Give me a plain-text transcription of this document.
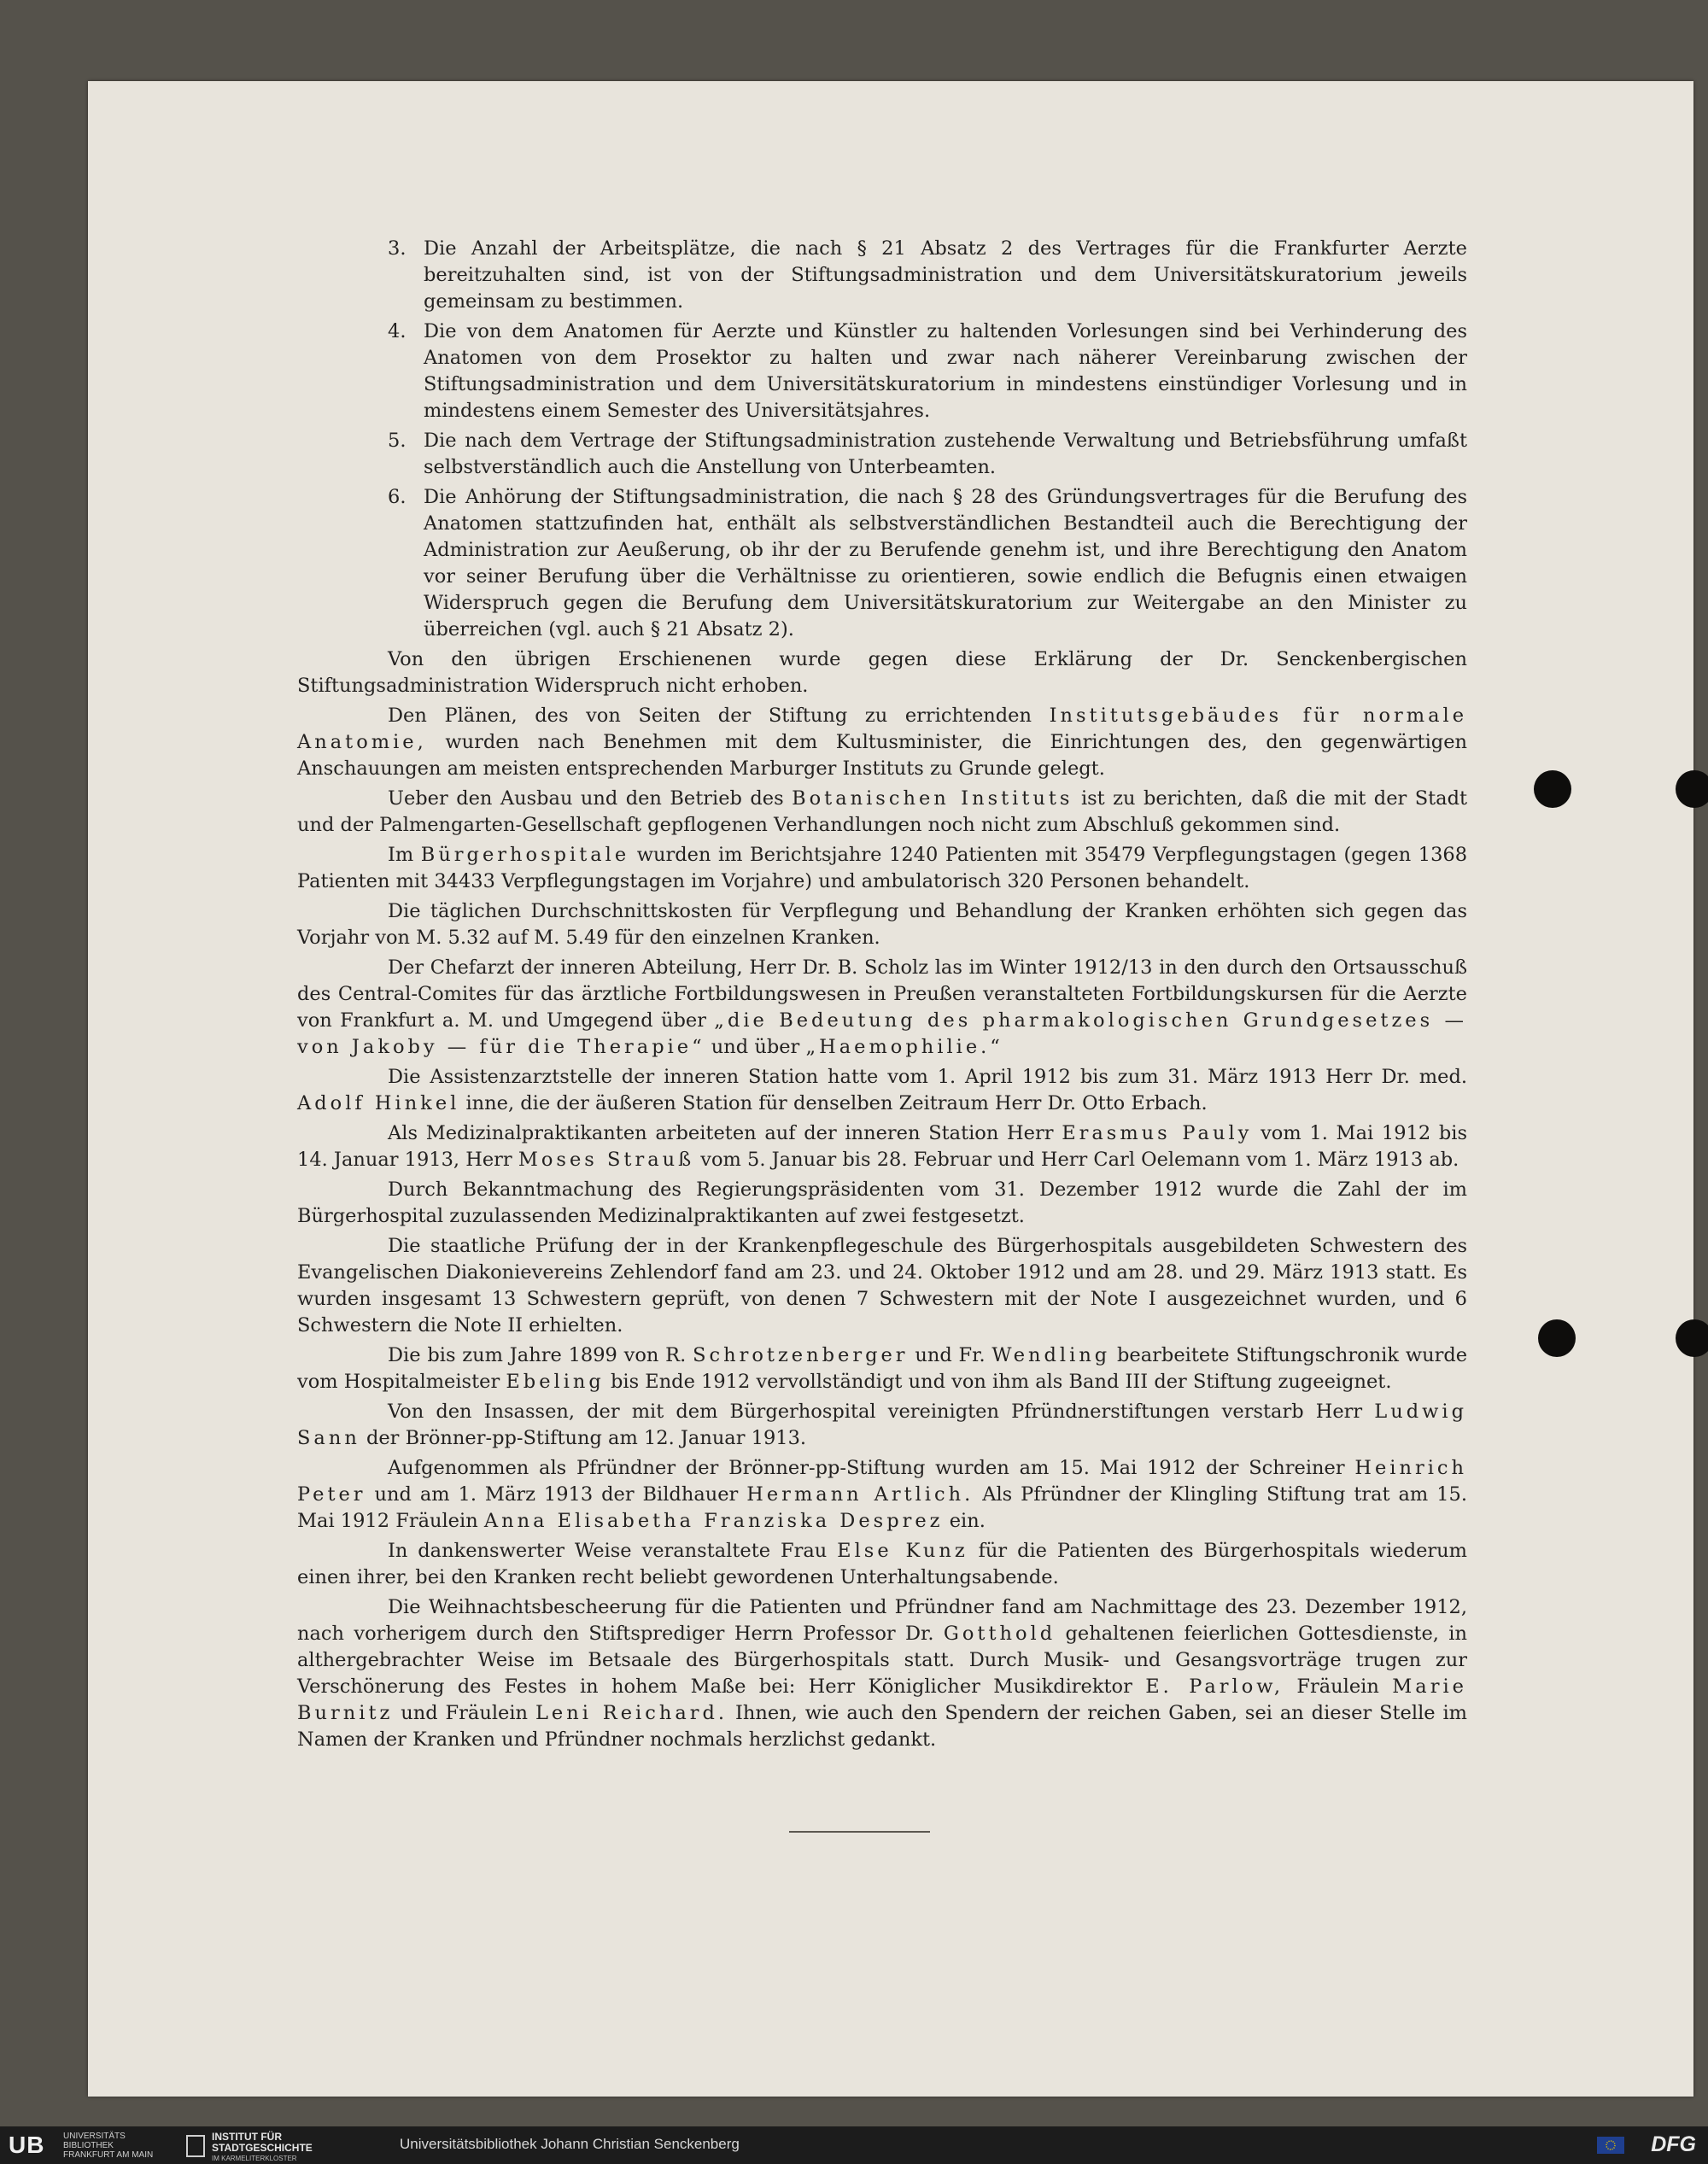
3. Die Anzahl der Arbeitsplätze, die nach § 21 Absatz 2 des Vertrages für die Frankfurter Aerzte bereitzuhalten sind, ist von der Stiftungsadministration und dem Universitätskuratorium jeweils gemeinsam zu bestimmen.
4. Die von dem Anatomen für Aerzte und Künstler zu haltenden Vorlesungen sind bei Verhinderung des Anatomen von dem Prosektor zu halten und zwar nach näherer Vereinbarung zwischen der Stiftungsadministration und dem Universitätskuratorium in mindestens einstündiger Vorlesung und in mindestens einem Semester des Universitätsjahres.
5. Die nach dem Vertrage der Stiftungsadministration zustehende Verwaltung und Betriebsführung umfaßt selbstverständlich auch die Anstellung von Unterbeamten.
6. Die Anhörung der Stiftungsadministration, die nach § 28 des Gründungsvertrages für die Berufung des Anatomen stattzufinden hat, enthält als selbstverständlichen Bestandteil auch die Berechtigung der Administration zur Aeußerung, ob ihr der zu Berufende genehm ist, und ihre Berechtigung den Anatom vor seiner Berufung über die Verhältnisse zu orientieren, sowie endlich die Befugnis einen etwaigen Widerspruch gegen die Berufung dem Universitätskuratorium zur Weitergabe an den Minister zu überreichen (vgl. auch § 21 Absatz 2).

Von den übrigen Erschienenen wurde gegen diese Erklärung der Dr. Senckenbergischen Stiftungsadministration Widerspruch nicht erhoben.

Den Plänen, des von Seiten der Stiftung zu errichtenden Institutsgebäudes für normale Anatomie, wurden nach Benehmen mit dem Kultusminister, die Einrichtungen des, den gegenwärtigen Anschauungen am meisten entsprechenden Marburger Instituts zu Grunde gelegt.

Ueber den Ausbau und den Betrieb des Botanischen Instituts ist zu berichten, daß die mit der Stadt und der Palmengarten-Gesellschaft gepflogenen Verhandlungen noch nicht zum Abschluß gekommen sind.

Im Bürgerhospitale wurden im Berichtsjahre 1240 Patienten mit 35479 Verpflegungstagen (gegen 1368 Patienten mit 34433 Verpflegungstagen im Vorjahre) und ambulatorisch 320 Personen behandelt.

Die täglichen Durchschnittskosten für Verpflegung und Behandlung der Kranken erhöhten sich gegen das Vorjahr von M. 5.32 auf M. 5.49 für den einzelnen Kranken.

Der Chefarzt der inneren Abteilung, Herr Dr. B. Scholz las im Winter 1912/13 in den durch den Ortsausschuß des Central-Comites für das ärztliche Fortbildungswesen in Preußen veranstalteten Fortbildungskursen für die Aerzte von Frankfurt a. M. und Umgegend über „die Bedeutung des pharmakologischen Grundgesetzes — von Jakoby — für die Therapie“ und über „Haemophilie.“

Die Assistenzarztstelle der inneren Station hatte vom 1. April 1912 bis zum 31. März 1913 Herr Dr. med. Adolf Hinkel inne, die der äußeren Station für denselben Zeitraum Herr Dr. Otto Erbach.

Als Medizinalpraktikanten arbeiteten auf der inneren Station Herr Erasmus Pauly vom 1. Mai 1912 bis 14. Januar 1913, Herr Moses Strauß vom 5. Januar bis 28. Februar und Herr Carl Oelemann vom 1. März 1913 ab.

Durch Bekanntmachung des Regierungspräsidenten vom 31. Dezember 1912 wurde die Zahl der im Bürgerhospital zuzulassenden Medizinalpraktikanten auf zwei festgesetzt.

Die staatliche Prüfung der in der Krankenpflegeschule des Bürgerhospitals ausgebildeten Schwestern des Evangelischen Diakonievereins Zehlendorf fand am 23. und 24. Oktober 1912 und am 28. und 29. März 1913 statt. Es wurden insgesamt 13 Schwestern geprüft, von denen 7 Schwestern mit der Note I ausgezeichnet wurden, und 6 Schwestern die Note II erhielten.

Die bis zum Jahre 1899 von R. Schrotzenberger und Fr. Wendling bearbeitete Stiftungschronik wurde vom Hospitalmeister Ebeling bis Ende 1912 vervollständigt und von ihm als Band III der Stiftung zugeeignet.

Von den Insassen, der mit dem Bürgerhospital vereinigten Pfründnerstiftungen verstarb Herr Ludwig Sann der Brönner-pp-Stiftung am 12. Januar 1913.

Aufgenommen als Pfründner der Brönner-pp-Stiftung wurden am 15. Mai 1912 der Schreiner Heinrich Peter und am 1. März 1913 der Bildhauer Hermann Artlich. Als Pfründner der Klingling Stiftung trat am 15. Mai 1912 Fräulein Anna Elisabetha Franziska Desprez ein.

In dankenswerter Weise veranstaltete Frau Else Kunz für die Patienten des Bürgerhospitals wiederum einen ihrer, bei den Kranken recht beliebt gewordenen Unterhaltungsabende.

Die Weihnachtsbescheerung für die Patienten und Pfründner fand am Nachmittage des 23. Dezember 1912, nach vorherigem durch den Stiftsprediger Herrn Professor Dr. Gotthold gehaltenen feierlichen Gottesdienste, in althergebrachter Weise im Betsaale des Bürgerhospitals statt. Durch Musik- und Gesangsvorträge trugen zur Verschönerung des Festes in hohem Maße bei: Herr Königlicher Musikdirektor E. Parlow, Fräulein Marie Burnitz und Fräulein Leni Reichard. Ihnen, wie auch den Spendern der reichen Gaben, sei an dieser Stelle im Namen der Kranken und Pfründner nochmals herzlichst gedankt.

UB UNIVERSITÄTS
BIBLIOTHEK
FRANKFURT AM MAIN
INSTITUT FÜR
STADTGESCHICHTE
IM KARMELITERKLOSTER
Universitätsbibliothek Johann Christian Senckenberg	DFG
